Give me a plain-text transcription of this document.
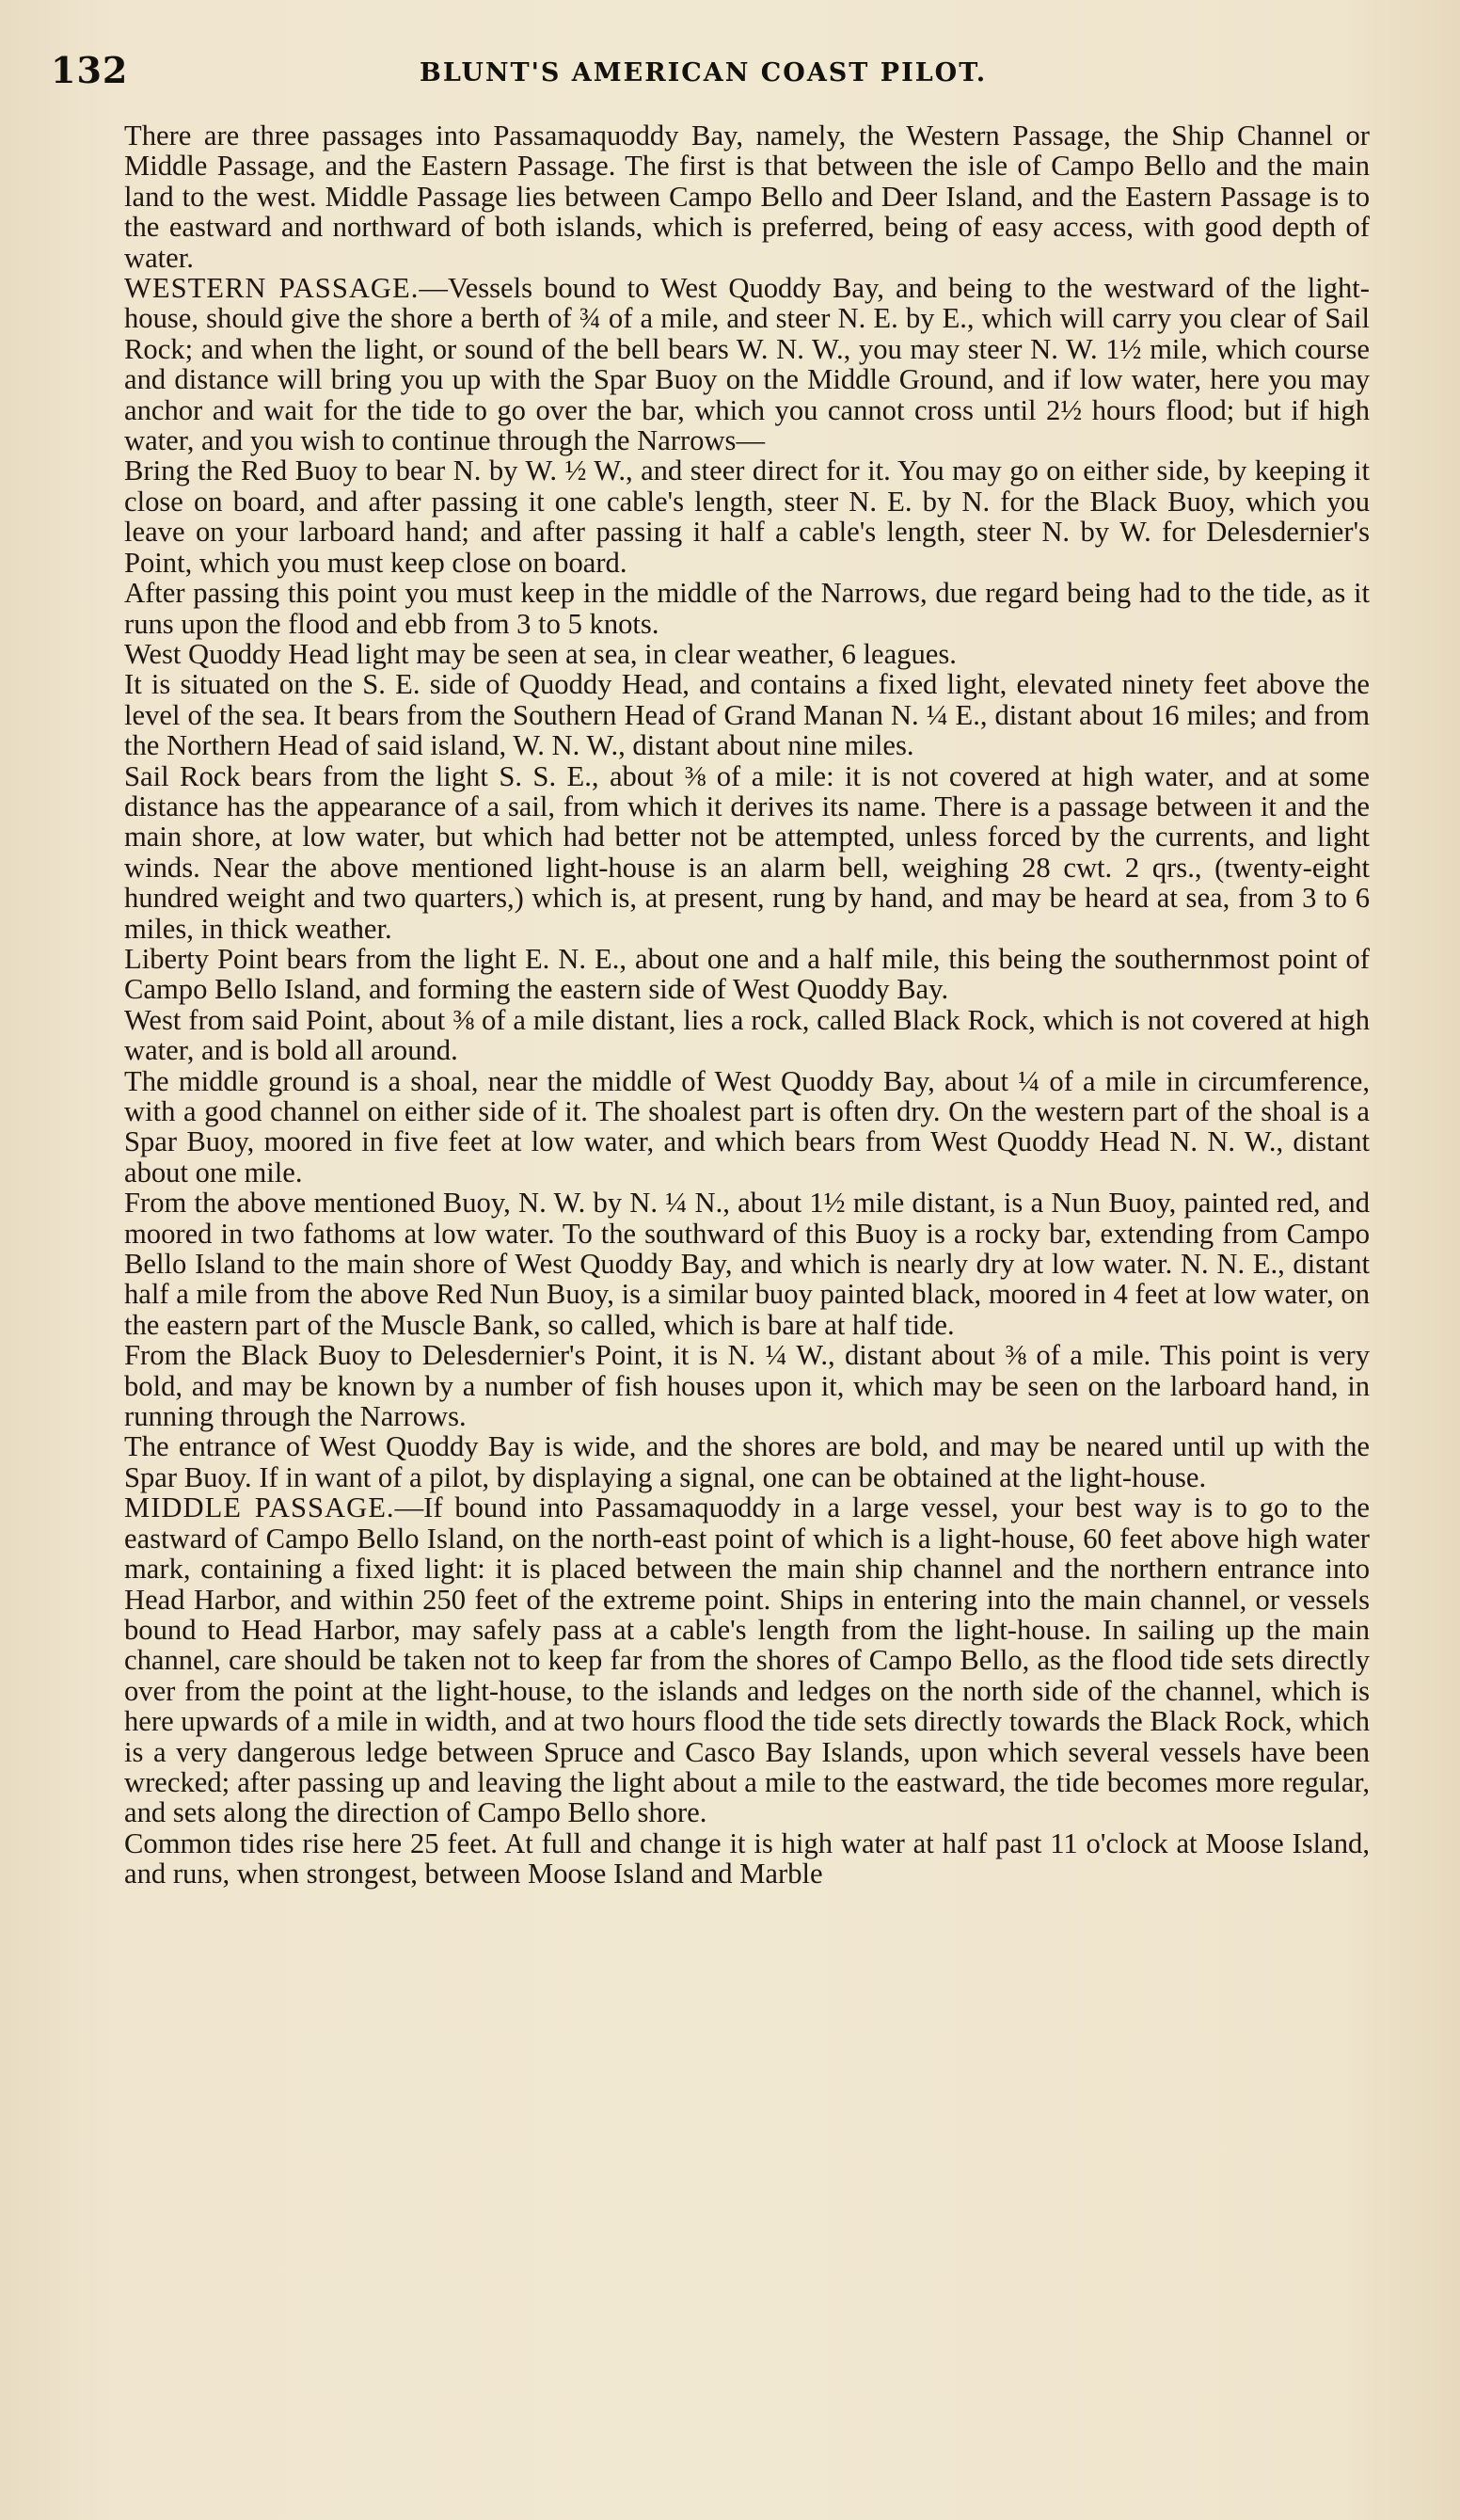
132	BLUNT'S AMERICAN COAST PILOT.

There are three passages into Passamaquoddy Bay, namely, the Western Passage, the Ship Channel or Middle Passage, and the Eastern Passage. The first is that between the isle of Campo Bello and the main land to the west. Middle Passage lies between Campo Bello and Deer Island, and the Eastern Passage is to the eastward and northward of both islands, which is preferred, being of easy access, with good depth of water.

WESTERN PASSAGE.—Vessels bound to West Quoddy Bay, and being to the westward of the light-house, should give the shore a berth of ¾ of a mile, and steer N. E. by E., which will carry you clear of Sail Rock; and when the light, or sound of the bell bears W. N. W., you may steer N. W. 1½ mile, which course and distance will bring you up with the Spar Buoy on the Middle Ground, and if low water, here you may anchor and wait for the tide to go over the bar, which you cannot cross until 2½ hours flood; but if high water, and you wish to continue through the Narrows—

Bring the Red Buoy to bear N. by W. ½ W., and steer direct for it. You may go on either side, by keeping it close on board, and after passing it one cable's length, steer N. E. by N. for the Black Buoy, which you leave on your larboard hand; and after passing it half a cable's length, steer N. by W. for Delesdernier's Point, which you must keep close on board.

After passing this point you must keep in the middle of the Narrows, due regard being had to the tide, as it runs upon the flood and ebb from 3 to 5 knots.

West Quoddy Head light may be seen at sea, in clear weather, 6 leagues.

It is situated on the S. E. side of Quoddy Head, and contains a fixed light, elevated ninety feet above the level of the sea. It bears from the Southern Head of Grand Manan N. ¼ E., distant about 16 miles; and from the Northern Head of said island, W. N. W., distant about nine miles.

Sail Rock bears from the light S. S. E., about ⅜ of a mile: it is not covered at high water, and at some distance has the appearance of a sail, from which it derives its name. There is a passage between it and the main shore, at low water, but which had better not be attempted, unless forced by the currents, and light winds. Near the above mentioned light-house is an alarm bell, weighing 28 cwt. 2 qrs., (twenty-eight hundred weight and two quarters,) which is, at present, rung by hand, and may be heard at sea, from 3 to 6 miles, in thick weather.

Liberty Point bears from the light E. N. E., about one and a half mile, this being the southernmost point of Campo Bello Island, and forming the eastern side of West Quoddy Bay.

West from said Point, about ⅜ of a mile distant, lies a rock, called Black Rock, which is not covered at high water, and is bold all around.

The middle ground is a shoal, near the middle of West Quoddy Bay, about ¼ of a mile in circumference, with a good channel on either side of it. The shoalest part is often dry. On the western part of the shoal is a Spar Buoy, moored in five feet at low water, and which bears from West Quoddy Head N. N. W., distant about one mile.

From the above mentioned Buoy, N. W. by N. ¼ N., about 1½ mile distant, is a Nun Buoy, painted red, and moored in two fathoms at low water. To the southward of this Buoy is a rocky bar, extending from Campo Bello Island to the main shore of West Quoddy Bay, and which is nearly dry at low water. N. N. E., distant half a mile from the above Red Nun Buoy, is a similar buoy painted black, moored in 4 feet at low water, on the eastern part of the Muscle Bank, so called, which is bare at half tide.

From the Black Buoy to Delesdernier's Point, it is N. ¼ W., distant about ⅜ of a mile. This point is very bold, and may be known by a number of fish houses upon it, which may be seen on the larboard hand, in running through the Narrows.

The entrance of West Quoddy Bay is wide, and the shores are bold, and may be neared until up with the Spar Buoy. If in want of a pilot, by displaying a signal, one can be obtained at the light-house.

MIDDLE PASSAGE.—If bound into Passamaquoddy in a large vessel, your best way is to go to the eastward of Campo Bello Island, on the north-east point of which is a light-house, 60 feet above high water mark, containing a fixed light: it is placed between the main ship channel and the northern entrance into Head Harbor, and within 250 feet of the extreme point. Ships in entering into the main channel, or vessels bound to Head Harbor, may safely pass at a cable's length from the light-house. In sailing up the main channel, care should be taken not to keep far from the shores of Campo Bello, as the flood tide sets directly over from the point at the light-house, to the islands and ledges on the north side of the channel, which is here upwards of a mile in width, and at two hours flood the tide sets directly towards the Black Rock, which is a very dangerous ledge between Spruce and Casco Bay Islands, upon which several vessels have been wrecked; after passing up and leaving the light about a mile to the eastward, the tide becomes more regular, and sets along the direction of Campo Bello shore.

Common tides rise here 25 feet. At full and change it is high water at half past 11 o'clock at Moose Island, and runs, when strongest, between Moose Island and Marble
